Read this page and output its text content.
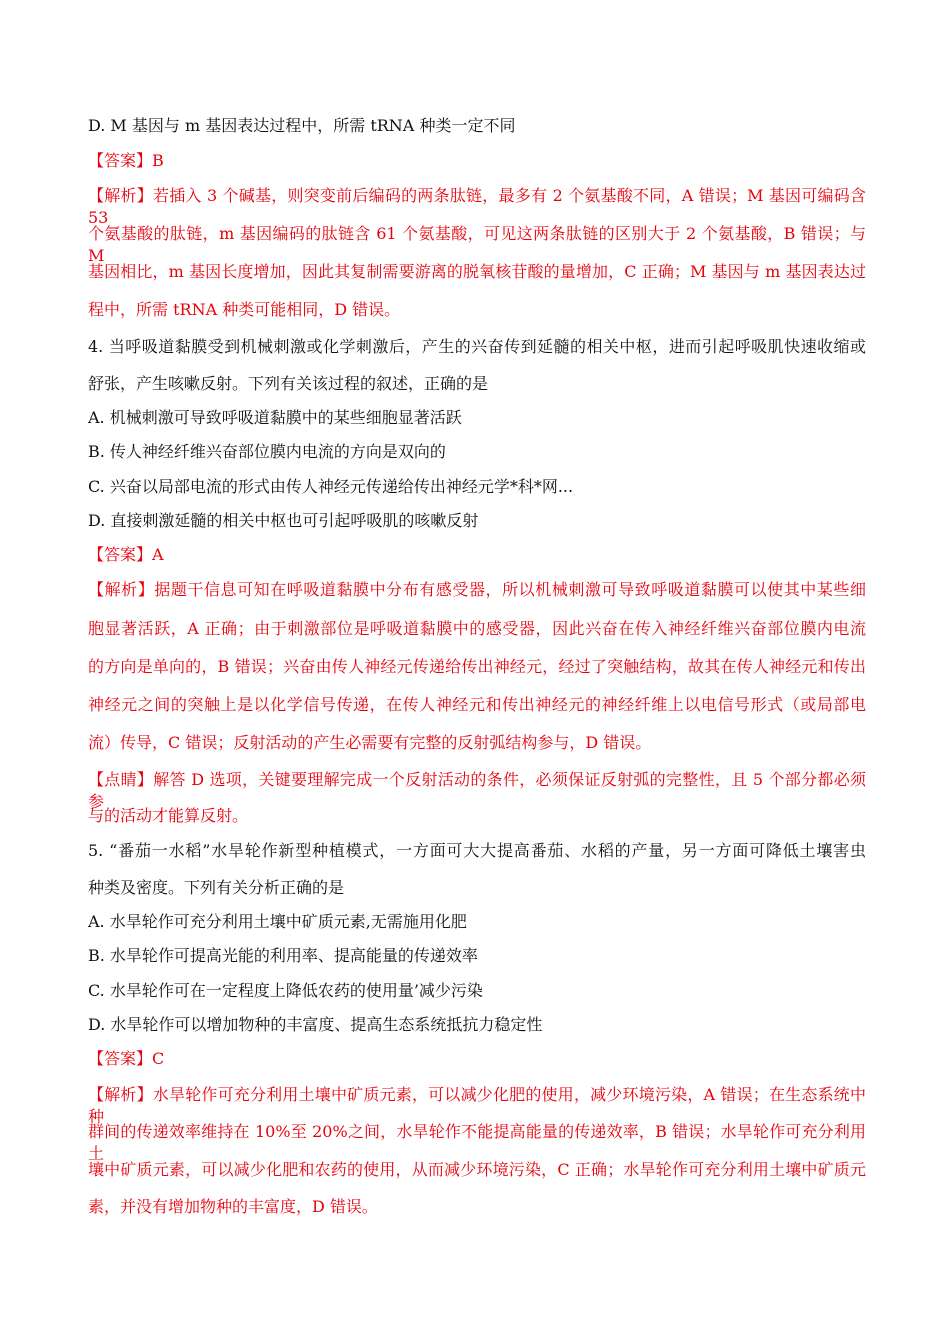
D. M 基因与 m 基因表达过程中，所需 tRNA 种类一定不同
【答案】B
【解析】若插入 3 个碱基，则突变前后编码的两条肽链，最多有 2 个氨基酸不同，A 错误；M 基因可编码含 53
个氨基酸的肽链，m 基因编码的肽链含 61 个氨基酸，可见这两条肽链的区别大于 2 个氨基酸，B 错误；与 M
基因相比，m 基因长度增加，因此其复制需要游离的脱氧核苷酸的量增加，C 正确；M 基因与 m 基因表达过
程中，所需 tRNA 种类可能相同，D 错误。
4. 当呼吸道黏膜受到机械刺激或化学刺激后，产生的兴奋传到延髓的相关中枢，进而引起呼吸肌快速收缩或
舒张，产生咳嗽反射。下列有关该过程的叙述，正确的是
A. 机械刺激可导致呼吸道黏膜中的某些细胞显著活跃
B. 传人神经纤维兴奋部位膜内电流的方向是双向的
C. 兴奋以局部电流的形式由传人神经元传递给传出神经元学*科*网...
D. 直接刺激延髓的相关中枢也可引起呼吸肌的咳嗽反射
【答案】A
【解析】据题干信息可知在呼吸道黏膜中分布有感受器，所以机械刺激可导致呼吸道黏膜可以使其中某些细
胞显著活跃，A 正确；由于刺激部位是呼吸道黏膜中的感受器，因此兴奋在传入神经纤维兴奋部位膜内电流
的方向是单向的，B 错误；兴奋由传人神经元传递给传出神经元，经过了突触结构，故其在传人神经元和传出
神经元之间的突触上是以化学信号传递，在传人神经元和传出神经元的神经纤维上以电信号形式（或局部电
流）传导，C 错误；反射活动的产生必需要有完整的反射弧结构参与，D 错误。
【点睛】解答 D 选项，关键要理解完成一个反射活动的条件，必须保证反射弧的完整性，且 5 个部分都必须参
与的活动才能算反射。
5. “番茄一水稻”水旱轮作新型种植模式，一方面可大大提高番茄、水稻的产量，另一方面可降低土壤害虫
种类及密度。下列有关分析正确的是
A. 水旱轮作可充分利用土壤中矿质元素,无需施用化肥
B. 水旱轮作可提高光能的利用率、提高能量的传递效率
C. 水旱轮作可在一定程度上降低农药的使用量’减少污染
D. 水旱轮作可以增加物种的丰富度、提高生态系统抵抗力稳定性
【答案】C
【解析】水旱轮作可充分利用土壤中矿质元素，可以减少化肥的使用，减少环境污染，A 错误；在生态系统中种
群间的传递效率维持在 10%至 20%之间，水旱轮作不能提高能量的传递效率，B 错误；水旱轮作可充分利用土
壤中矿质元素，可以减少化肥和农药的使用，从而减少环境污染，C 正确；水旱轮作可充分利用土壤中矿质元
素，并没有增加物种的丰富度，D 错误。
